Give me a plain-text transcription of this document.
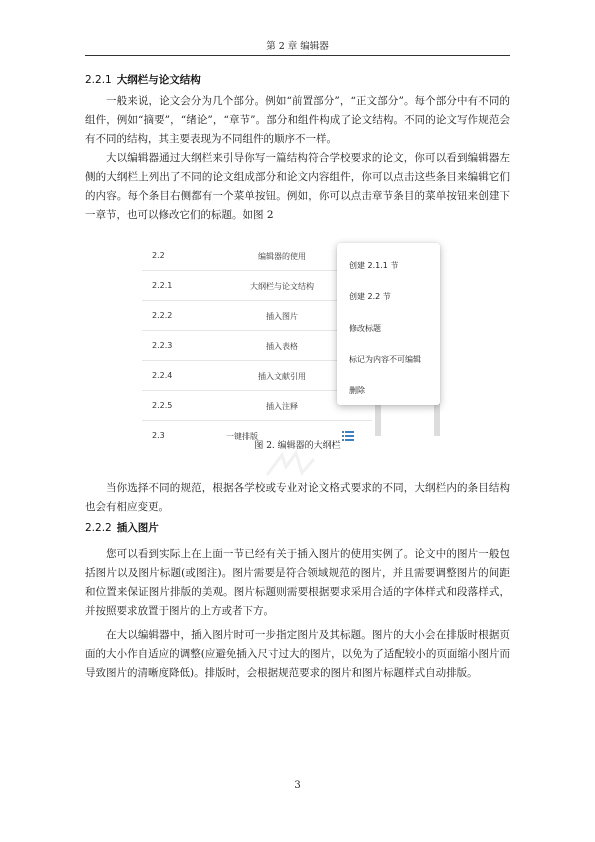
第 2 章 编辑器
2.2.1 大纲栏与论文结构

一般来说，论文会分为几个部分。例如“前置部分”，“正文部分”。每个部分中有不同的组件，例如“摘要”，“绪论”，“章节”。部分和组件构成了论文结构。不同的论文写作规范会有不同的结构，其主要表现为不同组件的顺序不一样。

大以编辑器通过大纲栏来引导你写一篇结构符合学校要求的论文，你可以看到编辑器左侧的大纲栏上列出了不同的论文组成部分和论文内容组件，你可以点击这些条目来编辑它们的内容。每个条目右侧都有一个菜单按钮。例如，你可以点击章节条目的菜单按钮来创建下一章节，也可以修改它们的标题。如图 2

2.2	编辑器的使用
2.2.1	大纲栏与论文结构
2.2.2	插入图片
2.2.3	插入表格
2.2.4	插入文献引用
2.2.5	插入注释
2.3	一键排版
创建 2.1.1 节
创建 2.2 节
修改标题
标记为内容不可编辑
删除
图 2. 编辑器的大纲栏

当你选择不同的规范，根据各学校或专业对论文格式要求的不同，大纲栏内的条目结构也会有相应变更。

2.2.2 插入图片

您可以看到实际上在上面一节已经有关于插入图片的使用实例了。论文中的图片一般包括图片以及图片标题(或图注)。图片需要是符合领域规范的图片，并且需要调整图片的间距和位置来保证图片排版的美观。图片标题则需要根据要求采用合适的字体样式和段落样式，并按照要求放置于图片的上方或者下方。

在大以编辑器中，插入图片时可一步指定图片及其标题。图片的大小会在排版时根据页面的大小作自适应的调整(应避免插入尺寸过大的图片，以免为了适配较小的页面缩小图片而导致图片的清晰度降低)。排版时，会根据规范要求的图片和图片标题样式自动排版。

3
